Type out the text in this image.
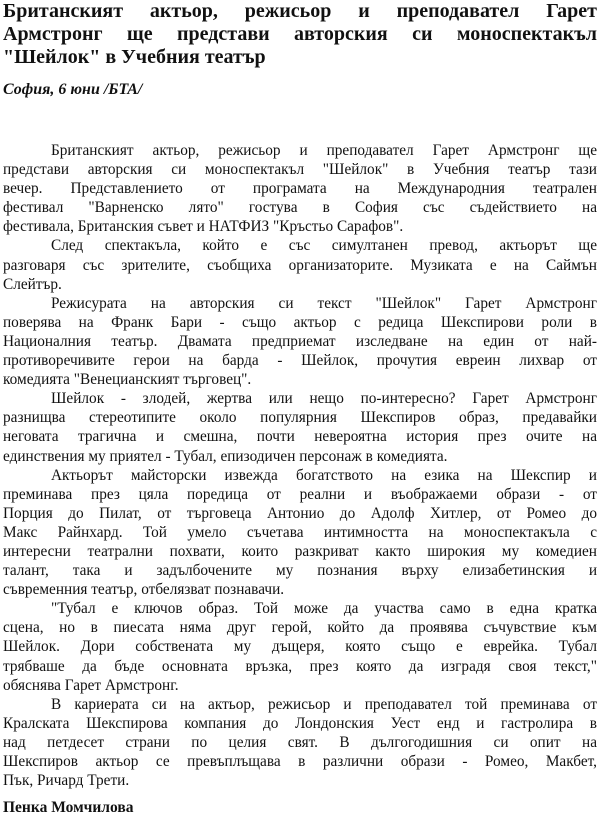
Британският актьор, режисьор и преподавател Гарет
Армстронг ще представи авторския си моноспектакъл
"Шейлок" в Учебния театър
София, 6 юни /БТА/
Британският актьор, режисьор и преподавател Гарет Армстронг ще
представи авторския си моноспектакъл "Шейлок" в Учебния театър тази
вечер. Представлението от програмата на Международния театрален
фестивал "Варненско лято" гостува в София със съдействието на
фестивала, Британския съвет и НАТФИЗ "Кръстьо Сарафов".
След спектакъла, който е със симултанен превод, актьорът ще
разговаря със зрителите, съобщиха организаторите. Музиката е на Саймън
Слейтър.
Режисурата на авторския си текст "Шейлок" Гарет Армстронг
поверява на Франк Бари - също актьор с редица Шекспирови роли в
Националния театър. Двамата предприемат изследване на един от най-
противоречивите герои на барда - Шейлок, прочутия евреин лихвар от
комедията "Венецианският търговец".
Шейлок - злодей, жертва или нещо по-интересно? Гарет Армстронг
разнищва стереотипите около популярния Шекспиров образ, предавайки
неговата трагична и смешна, почти невероятна история през очите на
единствения му приятел - Тубал, епизодичен персонаж в комедията.
Актьорът майсторски извежда богатството на езика на Шекспир и
преминава през цяла поредица от реални и въображаеми образи - от
Порция до Пилат, от търговеца Антонио до Адолф Хитлер, от Ромео до
Макс Райнхард. Той умело съчетава интимността на моноспектакъла с
интересни театрални похвати, които разкриват както широкия му комедиен
талант, така и задълбочените му познания върху елизабетинския и
съвременния театър, отбелязват познавачи.
"Тубал е ключов образ. Той може да участва само в една кратка
сцена, но в пиесата няма друг герой, който да проявява съчувствие към
Шейлок. Дори собствената му дъщеря, която също е еврейка. Тубал
трябваше да бъде основната връзка, през която да изградя своя текст,"
обяснява Гарет Армстронг.
В кариерата си на актьор, режисьор и преподавател той преминава от
Кралската Шекспирова компания до Лондонския Уест енд и гастролира в
над петдесет страни по целия свят. В дългогодишния си опит на
Шекспиров актьор се превъплъщава в различни образи - Ромео, Макбет,
Пък, Ричард Трети.
Пенка Момчилова
